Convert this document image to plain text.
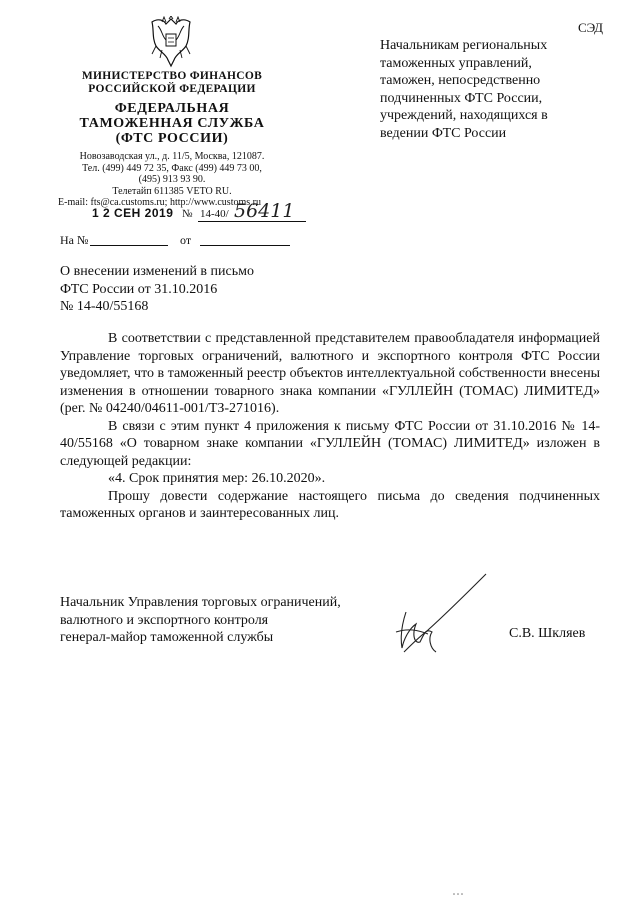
СЭД
МИНИСТЕРСТВО ФИНАНСОВ
РОССИЙСКОЙ ФЕДЕРАЦИИ
ФЕДЕРАЛЬНАЯ
ТАМОЖЕННАЯ СЛУЖБА
(ФТС РОССИИ)
Новозаводская ул., д. 11/5, Москва, 121087.
Тел. (499) 449 72 35, Факс (499) 449 73 00,
(495) 913 93 90.
Телетайп 611385 VETO RU.
E-mail: fts@ca.customs.ru; http://www.customs.ru
1 2 СЕН 2019 № 14-40/ 56411
На №	от
Начальникам региональных
таможенных управлений,
таможен, непосредственно
подчиненных ФТС России,
учреждений, находящихся в
ведении ФТС России
О внесении изменений в письмо
ФТС России от 31.10.2016
№ 14-40/55168

В соответствии с представленной представителем правообладателя информацией Управление торговых ограничений, валютного и экспортного контроля ФТС России уведомляет, что в таможенный реестр объектов интеллектуальной собственности внесены изменения в отношении товарного знака компании «ГУЛЛЕЙН (ТОМАС) ЛИМИТЕД» (рег. № 04240/04611-001/ТЗ-271016).

В связи с этим пункт 4 приложения к письму ФТС России от 31.10.2016 № 14-40/55168 «О товарном знаке компании «ГУЛЛЕЙН (ТОМАС) ЛИМИТЕД» изложен в следующей редакции:

«4. Срок принятия мер: 26.10.2020».

Прошу довести содержание настоящего письма до сведения подчиненных таможенных органов и заинтересованных лиц.

Начальник Управления торговых ограничений,
валютного и экспортного контроля
генерал-майор таможенной службы	С.В. Шкляев
